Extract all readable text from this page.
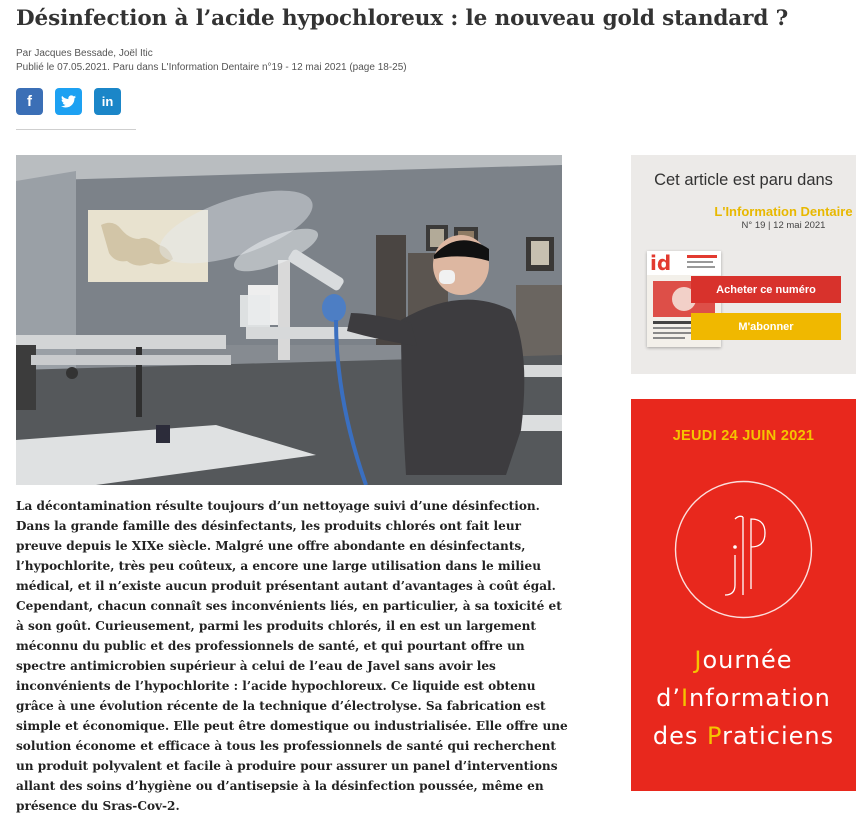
Désinfection à l’acide hypochloreux : le nouveau gold standard ?
Par Jacques Bessade, Joël Itic
Publié le 07.05.2021. Paru dans L'Information Dentaire n°19 - 12 mai 2021 (page 18-25)
f	in

La décontamination résulte toujours d’un nettoyage suivi d’une désinfection.

Dans la grande famille des désinfectants, les produits chlorés ont fait leur preuve depuis le XIXe siècle. Malgré une offre abondante en désinfectants, l’hypochlorite, très peu coûteux, a encore une large utilisation dans le milieu médical, et il n’existe aucun produit présentant autant d’avantages à coût égal. Cependant, chacun connaît ses inconvénients liés, en particulier, à sa toxicité et à son goût. Curieusement, parmi les produits chlorés, il en est un largement méconnu du public et des professionnels de santé, et qui pourtant offre un spectre antimicrobien supérieur à celui de l’eau de Javel sans avoir les inconvénients de l’hypochlorite : l’acide hypochloreux. Ce liquide est obtenu grâce à une évolution récente de la technique d’électrolyse. Sa fabrication est simple et économique. Elle peut être domestique ou industrialisée. Elle offre une solution économe et efficace à tous les professionnels de santé qui recherchent un produit polyvalent et facile à produire pour assurer un panel d’interventions allant des soins d’hygiène ou d’antisepsie à la désinfection poussée, même en présence du Sras-Cov-2.

Cet article est paru dans
L'Information Dentaire
N° 19 | 12 mai 2021
id
Acheter ce numéro
M'abonner
JEUDI 24 JUIN 2021
Journée
d’Information
des Praticiens
